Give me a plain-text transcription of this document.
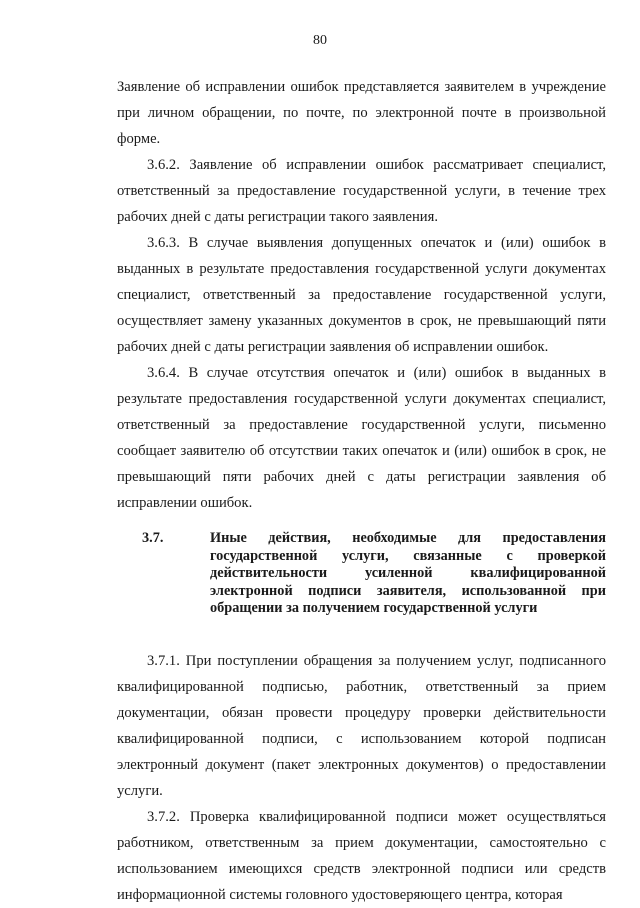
80

Заявление об исправлении ошибок представляется заявителем в учреждение при личном обращении, по почте, по электронной почте в произвольной форме.

3.6.2. Заявление об исправлении ошибок рассматривает специалист, ответственный за предоставление государственной услуги, в течение трех рабочих дней с даты регистрации такого заявления.

3.6.3. В случае выявления допущенных опечаток и (или) ошибок в выданных в результате предоставления государственной услуги документах специалист, ответственный за предоставление государственной услуги, осуществляет замену указанных документов в срок, не превышающий пяти рабочих дней с даты регистрации заявления об исправлении ошибок.

3.6.4. В случае отсутствия опечаток и (или) ошибок в выданных в результате предоставления государственной услуги документах специалист, ответственный за предоставление государственной услуги, письменно сообщает заявителю об отсутствии таких опечаток и (или) ошибок в срок, не превышающий пяти рабочих дней с даты регистрации заявления об исправлении ошибок.

3.7.	Иные действия, необходимые для предоставления государственной услуги, связанные с проверкой действительности усиленной квалифицированной электронной подписи заявителя, использованной при обращении за получением государственной услуги

3.7.1. При поступлении обращения за получением услуг, подписанного квалифицированной подписью, работник, ответственный за прием документации, обязан провести процедуру проверки действительности квалифицированной подписи, с использованием которой подписан электронный документ (пакет электронных документов) о предоставлении услуги.

3.7.2. Проверка квалифицированной подписи может осуществляться работником, ответственным за прием документации, самостоятельно с использованием имеющихся средств электронной подписи или средств информационной системы головного удостоверяющего центра, которая
